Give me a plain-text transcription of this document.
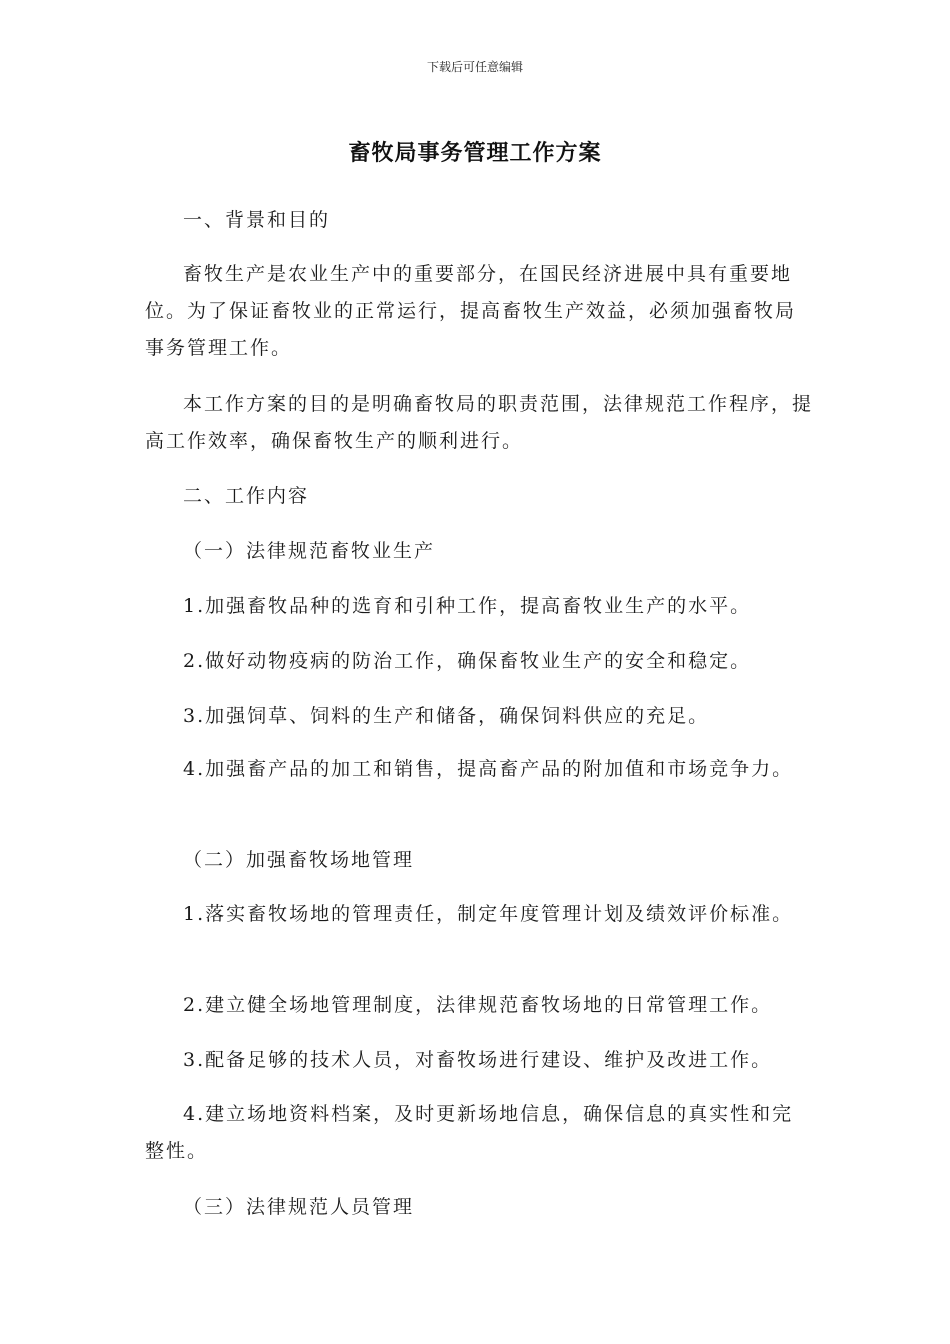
下载后可任意编辑
畜牧局事务管理工作方案

一、背景和目的

畜牧生产是农业生产中的重要部分，在国民经济进展中具有重要地位。为了保证畜牧业的正常运行，提高畜牧生产效益，必须加强畜牧局事务管理工作。

本工作方案的目的是明确畜牧局的职责范围，法律规范工作程序，提高工作效率，确保畜牧生产的顺利进行。

二、工作内容

（一）法律规范畜牧业生产

1.加强畜牧品种的选育和引种工作，提高畜牧业生产的水平。

2.做好动物疫病的防治工作，确保畜牧业生产的安全和稳定。

3.加强饲草、饲料的生产和储备，确保饲料供应的充足。

4.加强畜产品的加工和销售，提高畜产品的附加值和市场竞争力。

（二）加强畜牧场地管理

1.落实畜牧场地的管理责任，制定年度管理计划及绩效评价标准。

2.建立健全场地管理制度，法律规范畜牧场地的日常管理工作。

3.配备足够的技术人员，对畜牧场进行建设、维护及改进工作。

4.建立场地资料档案，及时更新场地信息，确保信息的真实性和完整性。

（三）法律规范人员管理
